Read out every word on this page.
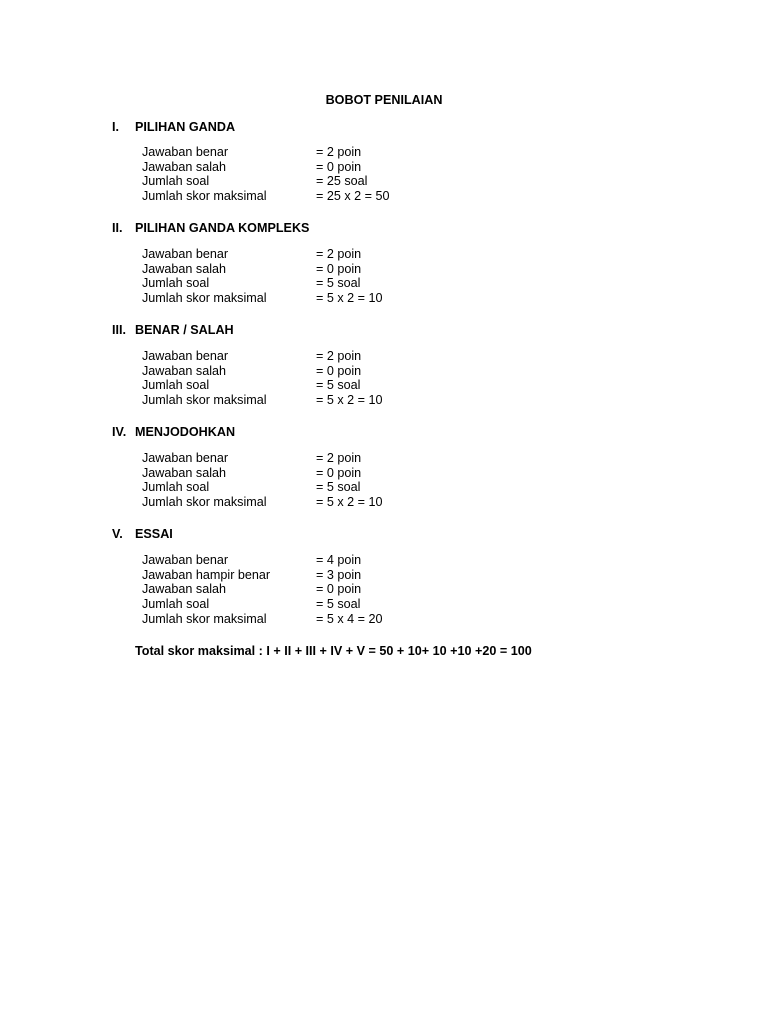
BOBOT PENILAIAN
I. PILIHAN GANDA
Jawaban benar	= 2 poin
Jawaban salah	= 0 poin
Jumlah soal	= 25 soal
Jumlah skor maksimal	= 25 x 2 = 50
II. PILIHAN GANDA KOMPLEKS
Jawaban benar	= 2 poin
Jawaban salah	= 0 poin
Jumlah soal	= 5 soal
Jumlah skor maksimal	= 5 x 2 = 10
III. BENAR / SALAH
Jawaban benar	= 2 poin
Jawaban salah	= 0 poin
Jumlah soal	= 5 soal
Jumlah skor maksimal	= 5 x 2 = 10
IV. MENJODOHKAN
Jawaban benar	= 2 poin
Jawaban salah	= 0 poin
Jumlah soal	= 5 soal
Jumlah skor maksimal	= 5 x 2 = 10
V. ESSAI
Jawaban benar	= 4 poin
Jawaban hampir benar	= 3 poin
Jawaban salah	= 0 poin
Jumlah soal	= 5 soal
Jumlah skor maksimal	= 5 x 4 = 20
Total skor maksimal : I + II + III + IV + V = 50 + 10+ 10 +10 +20 = 100
